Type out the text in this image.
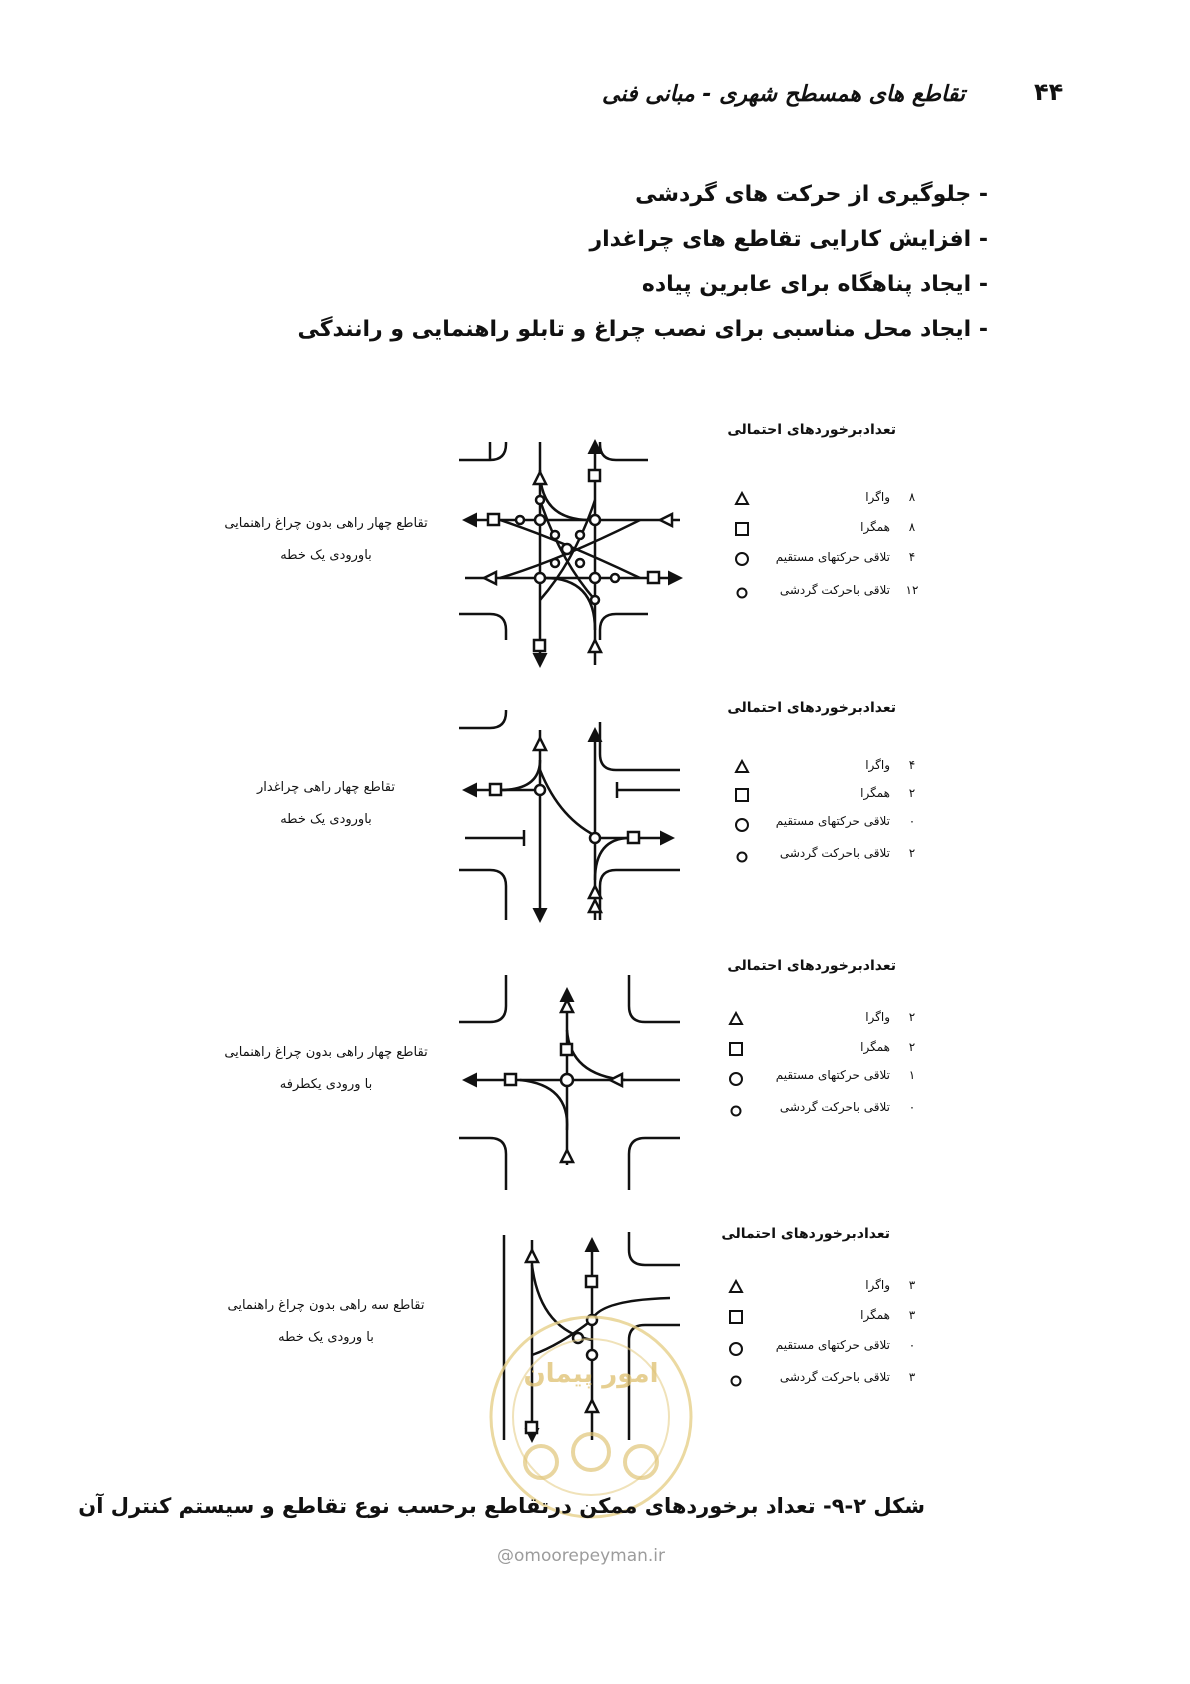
۴۴
تقاطع های همسطح شهری - مبانی فنی
- جلوگیری از حرکت های گردشی
- افزایش کارایی تقاطع های چراغدار
- ایجاد پناهگاه برای عابرین پیاده
- ایجاد محل مناسبی برای نصب چراغ و تابلو راهنمایی و رانندگی
تقاطع چهار راهی بدون چراغ راهنمایی
باورودی یک خطه
تقاطع چهار راهی چراغدار
باورودی یک خطه
تقاطع چهار راهی بدون چراغ راهنمایی
با ورودی یکطرفه
تقاطع سه راهی بدون چراغ راهنمایی
با ورودی یک خطه
تعدادبرخوردهای احتمالی
تعدادبرخوردهای احتمالی
تعدادبرخوردهای احتمالی
تعدادبرخوردهای احتمالی
۸
واگرا
۸
همگرا
۴
تلاقی حرکتهای مستقیم
۱۲
تلاقی باحرکت گردشی
۴
واگرا
۲
همگرا
۰
تلاقی حرکتهای مستقیم
۲
تلاقی باحرکت گردشی
۲
واگرا
۲
همگرا
۱
تلاقی حرکتهای مستقیم
۰
تلاقی باحرکت گردشی
۳
واگرا
۳
همگرا
۰
تلاقی حرکتهای مستقیم
۳
تلاقی باحرکت گردشی
امور پیمان
شکل ۲-۹- تعداد برخوردهای ممکن درتقاطع برحسب نوع تقاطع و سیستم کنترل آن
@omoorepeyman.ir
